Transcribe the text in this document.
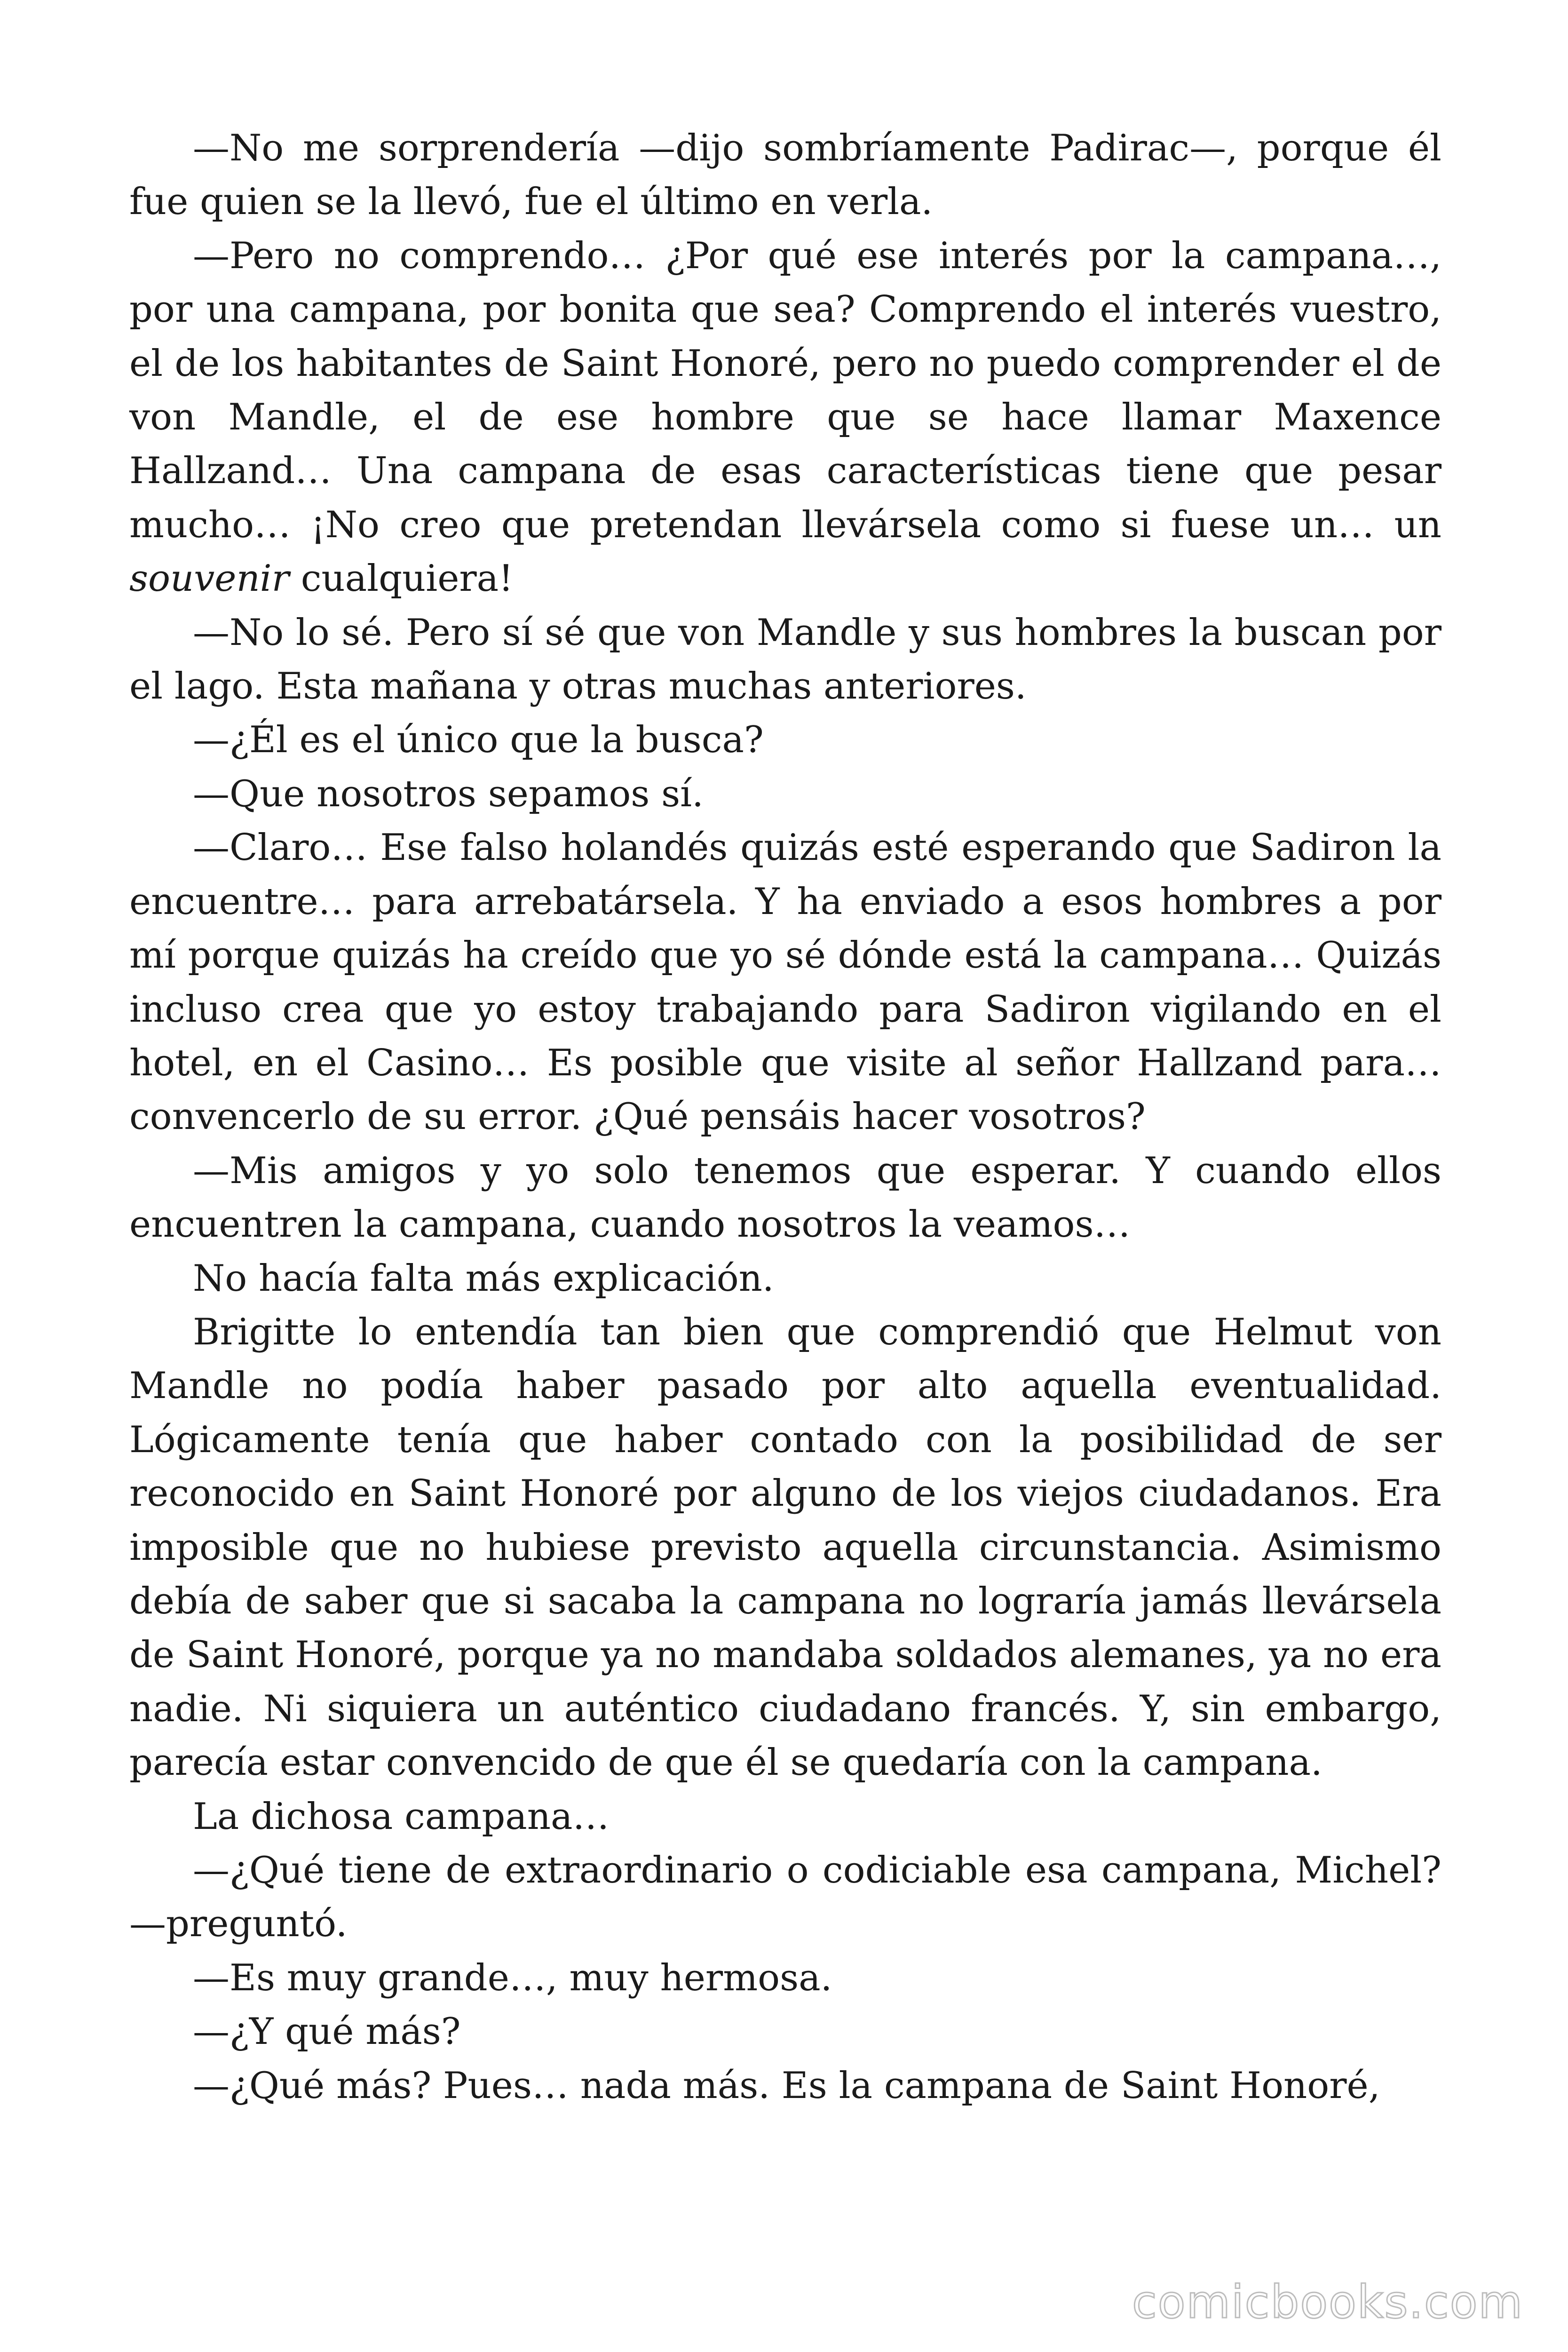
—No me sorprendería —dijo sombríamente Padirac—, porque él fue quien se la llevó, fue el último en verla.

—Pero no comprendo… ¿Por qué ese interés por la campana…, por una campana, por bonita que sea? Comprendo el interés vuestro, el de los habitantes de Saint Honoré, pero no puedo comprender el de von Mandle, el de ese hombre que se hace llamar Maxence Hallzand… Una campana de esas características tiene que pesar mucho… ¡No creo que pretendan llevársela como si fuese un… un souvenir cualquiera!

—No lo sé. Pero sí sé que von Mandle y sus hombres la buscan por el lago. Esta mañana y otras muchas anteriores.

—¿Él es el único que la busca?

—Que nosotros sepamos sí.

—Claro… Ese falso holandés quizás esté esperando que Sadiron la encuentre… para arrebatársela. Y ha enviado a esos hombres a por mí porque quizás ha creído que yo sé dónde está la campana… Quizás incluso crea que yo estoy trabajando para Sadiron vigilando en el hotel, en el Casino… Es posible que visite al señor Hallzand para… convencerlo de su error. ¿Qué pensáis hacer vosotros?

—Mis amigos y yo solo tenemos que esperar. Y cuando ellos encuentren la campana, cuando nosotros la veamos…

No hacía falta más explicación.

Brigitte lo entendía tan bien que comprendió que Helmut von Mandle no podía haber pasado por alto aquella eventualidad. Lógicamente tenía que haber contado con la posibilidad de ser reconocido en Saint Honoré por alguno de los viejos ciudadanos. Era imposible que no hubiese previsto aquella circunstancia. Asimismo debía de saber que si sacaba la campana no lograría jamás llevársela de Saint Honoré, porque ya no mandaba soldados alemanes, ya no era nadie. Ni siquiera un auténtico ciudadano francés. Y, sin embargo, parecía estar convencido de que él se quedaría con la campana.

La dichosa campana…

—¿Qué tiene de extraordinario o codiciable esa campana, Michel? —preguntó.

—Es muy grande…, muy hermosa.

—¿Y qué más?

—¿Qué más? Pues… nada más. Es la campana de Saint Honoré,

comicbooks.com
